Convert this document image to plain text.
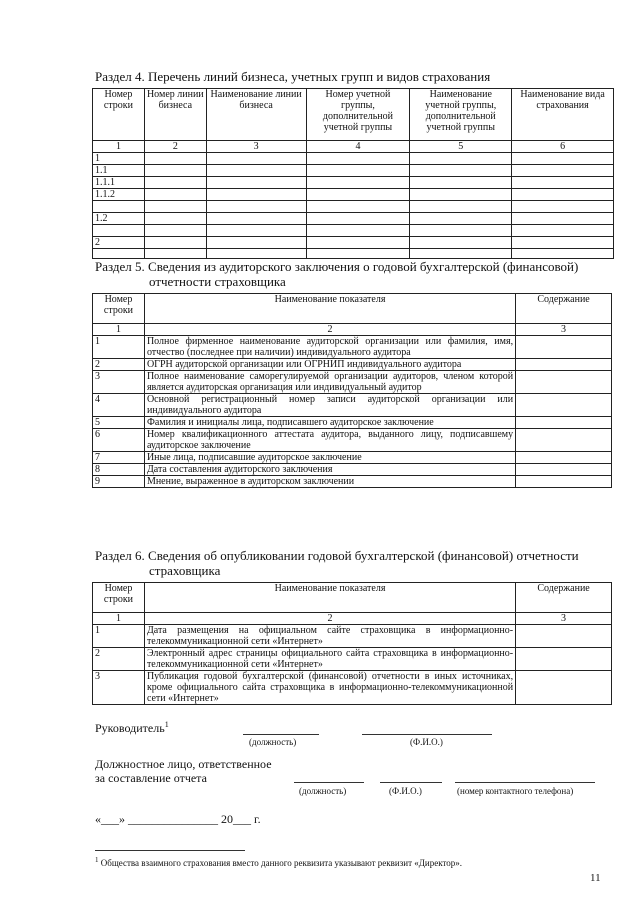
Раздел 4. Перечень линий бизнеса, учетных групп и видов страхования
Номер строки	Номер линии бизнеса	Наименование линии бизнеса	Номер учетной группы, дополнительной учетной группы	Наименование учетной группы, дополнительной учетной группы	Наименование вида страхования
1	2	3	4	5	6
1					
1.1					
1.1.1					
1.1.2					

1.2					

2					

Раздел 5. Сведения из аудиторского заключения о годовой бухгалтерской (финансовой)
отчетности страховщика
Номер строки	Наименование показателя	Содержание
1	2	3
1	Полное фирменное наименование аудиторской организации или фамилия, имя, отчество (последнее при наличии) индивидуального аудитора	
2	ОГРН аудиторской организации или ОГРНИП индивидуального аудитора	
3	Полное наименование саморегулируемой организации аудиторов, членом которой является аудиторская организация или индивидуальный аудитор	
4	Основной регистрационный номер записи аудиторской организации или индивидуального аудитора	
5	Фамилия и инициалы лица, подписавшего аудиторское заключение	
6	Номер квалификационного аттестата аудитора, выданного лицу, подписавшему аудиторское заключение	
7	Иные лица, подписавшие аудиторское заключение	
8	Дата составления аудиторского заключения	
9	Мнение, выраженное в аудиторском заключении	
Раздел 6. Сведения об опубликовании годовой бухгалтерской (финансовой) отчетности
страховщика
Номер строки	Наименование показателя	Содержание
1	2	3
1	Дата размещения на официальном сайте страховщика в информационно-телекоммуникационной сети «Интернет»	
2	Электронный адрес страницы официального сайта страховщика в информационно-телекоммуникационной сети «Интернет»	
3	Публикация годовой бухгалтерской (финансовой) отчетности в иных источниках, кроме официального сайта страховщика в информационно-телекоммуникационной сети «Интернет»	
Руководитель$^1$
(должность)	(Ф.И.О.)
Должностное лицо, ответственное
за составление отчета
(должность)	(Ф.И.О.)	(номер контактного телефона)
«___» _______________ 20___ г.
$^1$ Общества взаимного страхования вместо данного реквизита указывают реквизит «Директор».
11
